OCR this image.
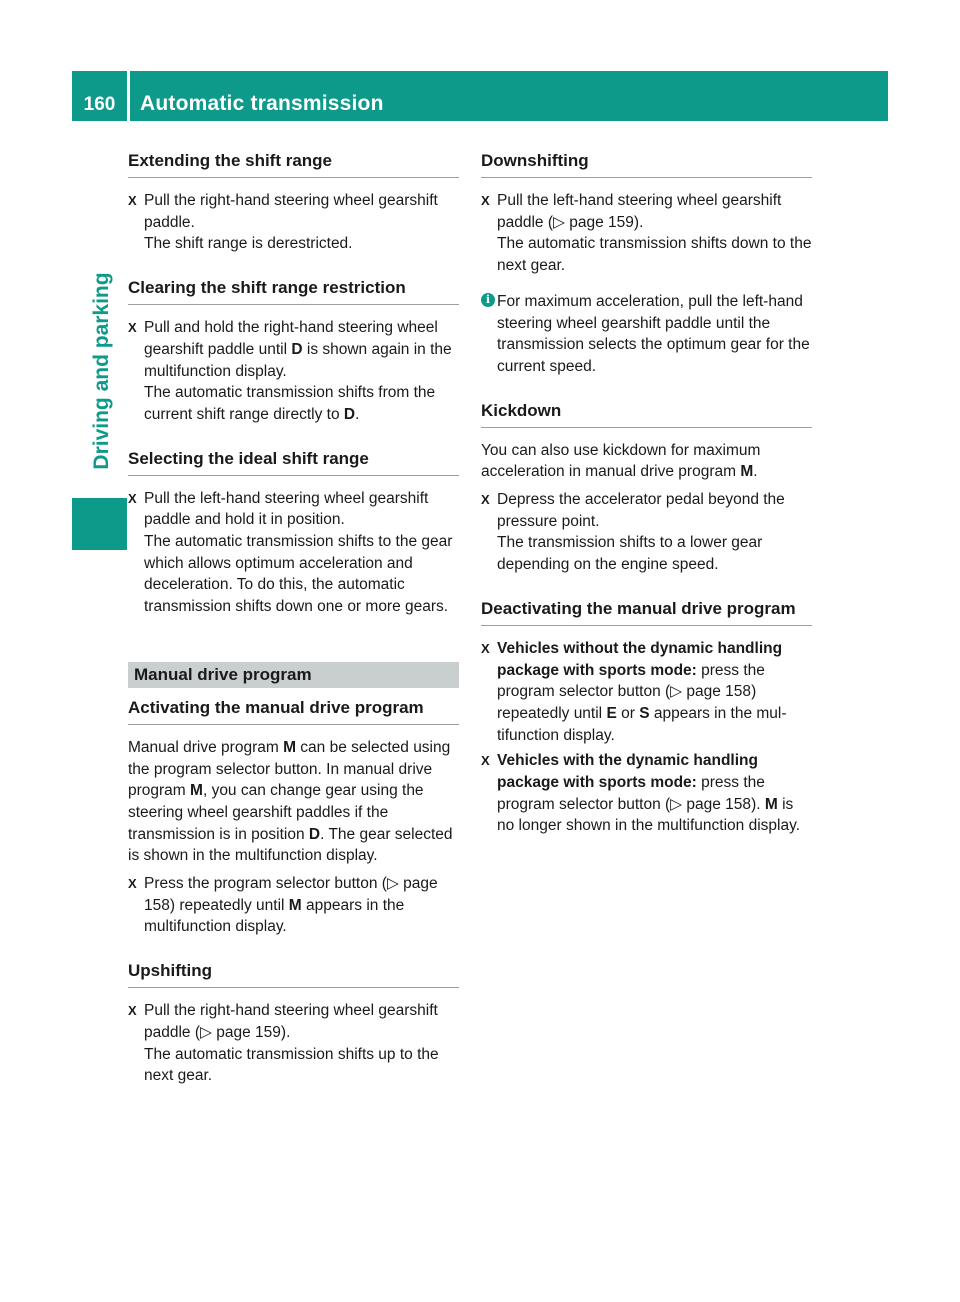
160	Automatic transmission
Driving and parking
Extending the shift range
X Pull the right-hand steering wheel gearshift paddle.
The shift range is derestricted.
Clearing the shift range restriction
X Pull and hold the right-hand steering wheel gearshift paddle until D is shown again in the multifunction display.
The automatic transmission shifts from the current shift range directly to D.
Selecting the ideal shift range
X Pull the left-hand steering wheel gearshift paddle and hold it in position.
The automatic transmission shifts to the gear which allows optimum acceleration and deceleration. To do this, the automatic transmission shifts down one or more gears.
Manual drive program
Activating the manual drive program

Manual drive program M can be selected using the program selector button. In manual drive program M, you can change gear using the steering wheel gearshift paddles if the transmission is in position D. The gear selected is shown in the multifunction display.

X Press the program selector button (▷ page 158) repeatedly until M appears in the multifunction display.
Upshifting
X Pull the right-hand steering wheel gearshift paddle (▷ page 159).
The automatic transmission shifts up to the next gear.
Downshifting
X Pull the left-hand steering wheel gearshift paddle (▷ page 159).
The automatic transmission shifts down to the next gear.
i For maximum acceleration, pull the left-hand steering wheel gearshift paddle until the transmission selects the optimum gear for the current speed.
Kickdown

You can also use kickdown for maximum acceleration in manual drive program M.

X Depress the accelerator pedal beyond the pressure point.
The transmission shifts to a lower gear depending on the engine speed.
Deactivating the manual drive program
X Vehicles without the dynamic handling package with sports mode: press the program selector button (▷ page 158) repeatedly until E or S appears in the multifunction display.
X Vehicles with the dynamic handling package with sports mode: press the program selector button (▷ page 158). M is no longer shown in the multifunction display.
